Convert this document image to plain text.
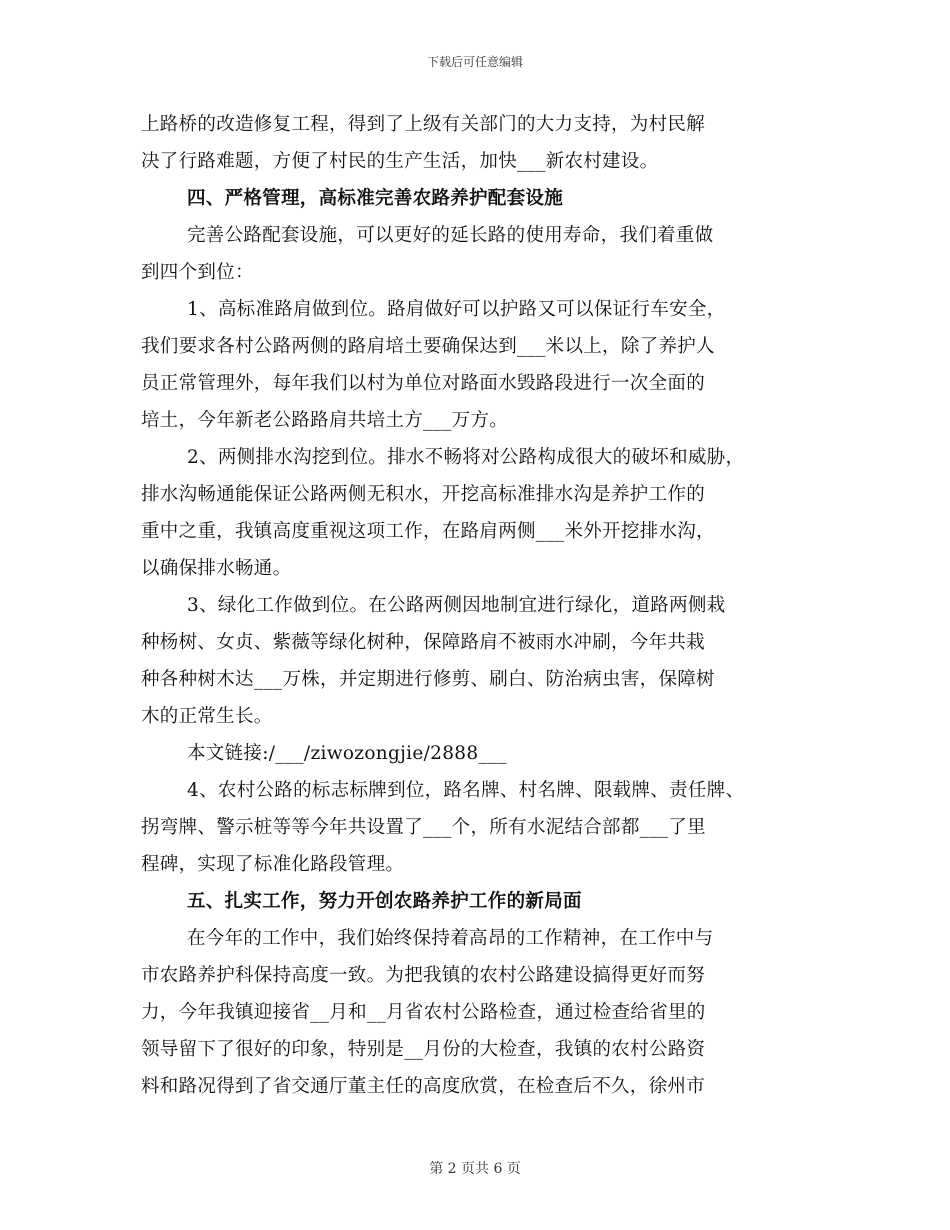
下载后可任意编辑
上路桥的改造修复工程，得到了上级有关部门的大力支持，为村民解
决了行路难题，方便了村民的生产生活，加快___新农村建设。
四、严格管理，高标准完善农路养护配套设施
完善公路配套设施，可以更好的延长路的使用寿命，我们着重做
到四个到位：
1、高标准路肩做到位。路肩做好可以护路又可以保证行车安全，
我们要求各村公路两侧的路肩培土要确保达到___米以上，除了养护人
员正常管理外，每年我们以村为单位对路面水毁路段进行一次全面的
培土，今年新老公路路肩共培土方___万方。
2、两侧排水沟挖到位。排水不畅将对公路构成很大的破坏和威胁，
排水沟畅通能保证公路两侧无积水，开挖高标准排水沟是养护工作的
重中之重，我镇高度重视这项工作，在路肩两侧___米外开挖排水沟，
以确保排水畅通。
3、绿化工作做到位。在公路两侧因地制宜进行绿化，道路两侧栽
种杨树、女贞、紫薇等绿化树种，保障路肩不被雨水冲刷，今年共栽
种各种树木达___万株，并定期进行修剪、刷白、防治病虫害，保障树
木的正常生长。
本文链接:/___/ziwozongjie/2888___
4、农村公路的标志标牌到位，路名牌、村名牌、限载牌、责任牌、
拐弯牌、警示桩等等今年共设置了___个，所有水泥结合部都___了里
程碑，实现了标准化路段管理。
五、扎实工作，努力开创农路养护工作的新局面
在今年的工作中，我们始终保持着高昂的工作精神，在工作中与
市农路养护科保持高度一致。为把我镇的农村公路建设搞得更好而努
力，今年我镇迎接省__月和__月省农村公路检查，通过检查给省里的
领导留下了很好的印象，特别是__月份的大检查，我镇的农村公路资
料和路况得到了省交通厅董主任的高度欣赏，在检查后不久，徐州市
第 2 页共 6 页
